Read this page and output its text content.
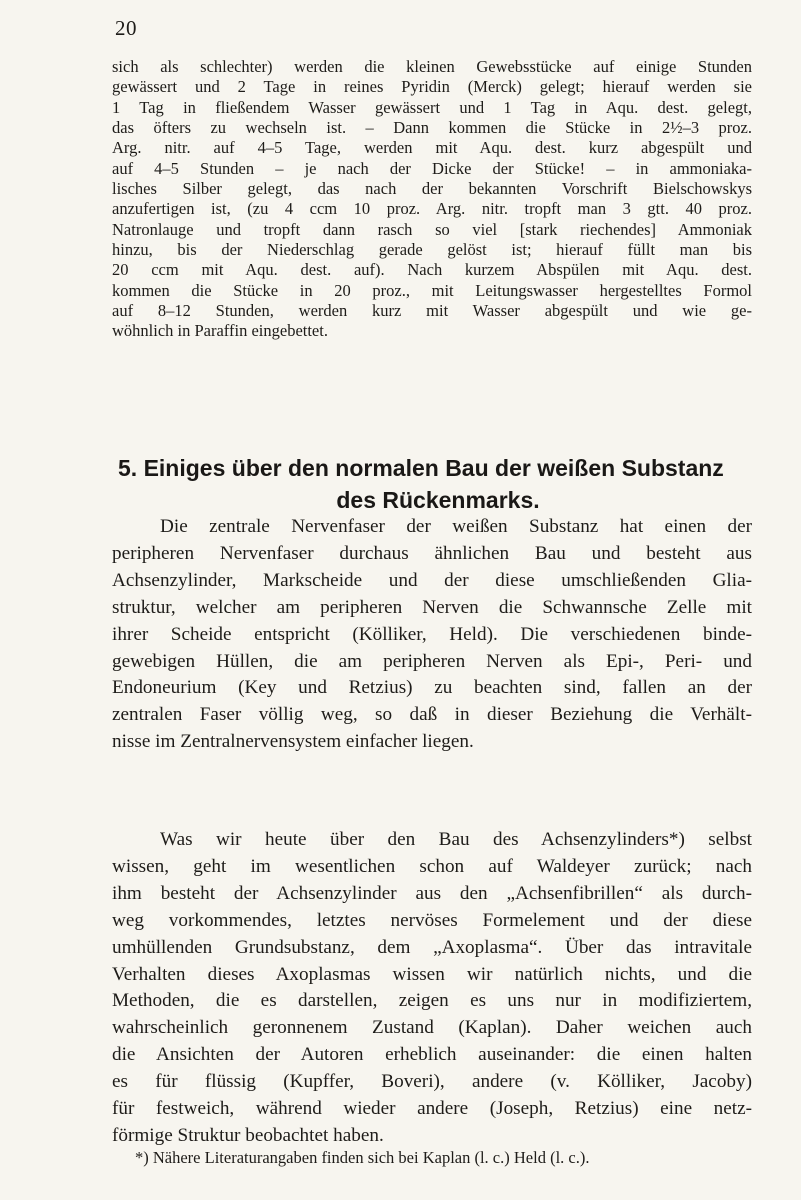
20
sich als schlechter) werden die kleinen Gewebsstücke auf einige Stunden
gewässert und 2 Tage in reines Pyridin (Merck) gelegt; hierauf werden sie
1 Tag in fließendem Wasser gewässert und 1 Tag in Aqu. dest. gelegt,
das öfters zu wechseln ist. – Dann kommen die Stücke in 2½–3 proz.
Arg. nitr. auf 4–5 Tage, werden mit Aqu. dest. kurz abgespült und
auf 4–5 Stunden – je nach der Dicke der Stücke! – in ammoniaka-
lisches Silber gelegt, das nach der bekannten Vorschrift Bielschowskys
anzufertigen ist, (zu 4 ccm 10 proz. Arg. nitr. tropft man 3 gtt. 40 proz.
Natronlauge und tropft dann rasch so viel [stark riechendes] Ammoniak
hinzu, bis der Niederschlag gerade gelöst ist; hierauf füllt man bis
20 ccm mit Aqu. dest. auf). Nach kurzem Abspülen mit Aqu. dest.
kommen die Stücke in 20 proz., mit Leitungswasser hergestelltes Formol
auf 8–12 Stunden, werden kurz mit Wasser abgespült und wie ge-
wöhnlich in Paraffin eingebettet.
5. Einiges über den normalen Bau der weißen Substanz
des Rückenmarks.
Die zentrale Nervenfaser der weißen Substanz hat einen der
peripheren Nervenfaser durchaus ähnlichen Bau und besteht aus
Achsenzylinder, Markscheide und der diese umschließenden Glia-
struktur, welcher am peripheren Nerven die Schwannsche Zelle mit
ihrer Scheide entspricht (Kölliker, Held). Die verschiedenen binde-
gewebigen Hüllen, die am peripheren Nerven als Epi-, Peri- und
Endoneurium (Key und Retzius) zu beachten sind, fallen an der
zentralen Faser völlig weg, so daß in dieser Beziehung die Verhält-
nisse im Zentralnervensystem einfacher liegen.
Was wir heute über den Bau des Achsenzylinders*) selbst
wissen, geht im wesentlichen schon auf Waldeyer zurück; nach
ihm besteht der Achsenzylinder aus den „Achsenfibrillen“ als durch-
weg vorkommendes, letztes nervöses Formelement und der diese
umhüllenden Grundsubstanz, dem „Axoplasma“. Über das intravitale
Verhalten dieses Axoplasmas wissen wir natürlich nichts, und die
Methoden, die es darstellen, zeigen es uns nur in modifiziertem,
wahrscheinlich geronnenem Zustand (Kaplan). Daher weichen auch
die Ansichten der Autoren erheblich auseinander: die einen halten
es für flüssig (Kupffer, Boveri), andere (v. Kölliker, Jacoby)
für festweich, während wieder andere (Joseph, Retzius) eine netz-
förmige Struktur beobachtet haben.
*) Nähere Literaturangaben finden sich bei Kaplan (l. c.) Held (l. c.).
